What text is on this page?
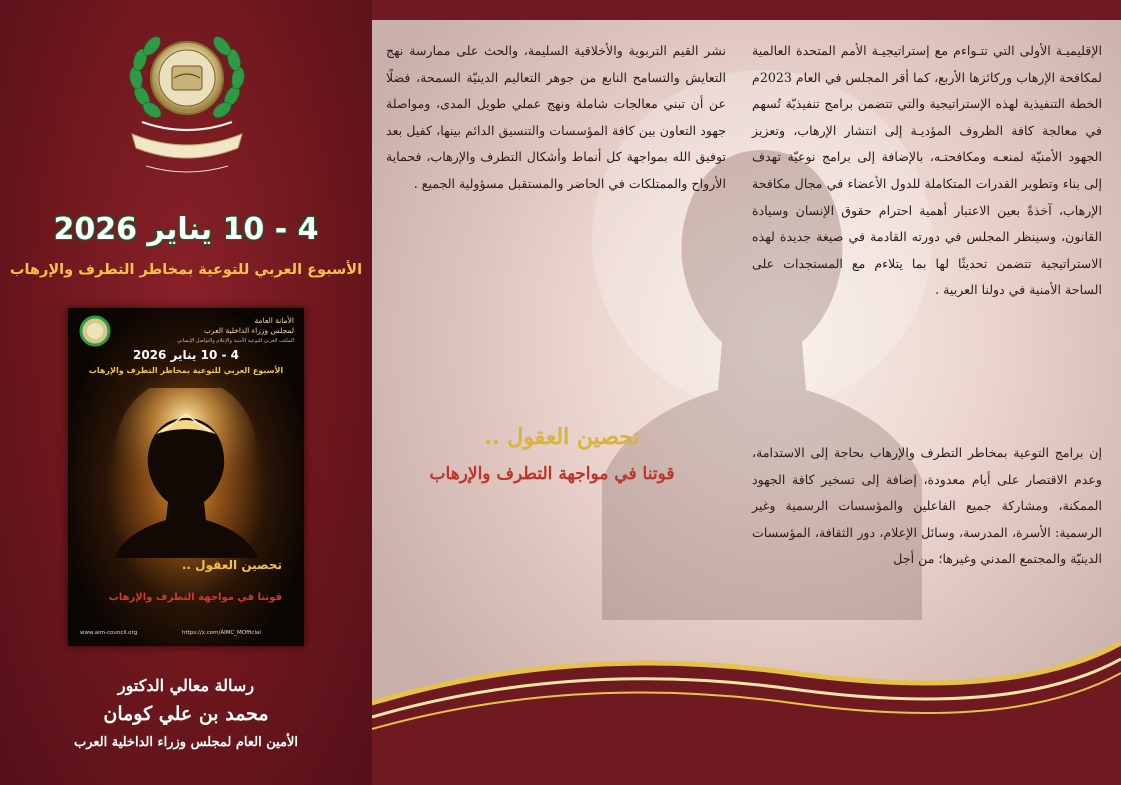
4 - 10 يناير 2026
الأسبوع العربي للتوعية بمخاطر التطرف والإرهاب
الأمانة العامة
لمجلس وزراء الداخلية العرب
المكتب العربي للتوعية الأمنية والإعلام والتواصل الإنساني
4 - 10 يناير 2026
الأسبوع العربي للتوعية بمخاطر التطرف والإرهاب
تحصين العقول ..
قوتنا في مواجهة التطرف والإرهاب
www.aim-council.org	https://x.com/AIMC_MOfficial
رسالة معالي الدكتور
محمد بن علي كومان
الأمين العام لمجلس وزراء الداخلية العرب
الإقليميـة الأولى التي تتـواءم مع إستراتيجيـة الأمم المتحدة العالمية لمكافحة الإرهاب وركائزها الأربع، كما أقر المجلس في العام 2023م الخطة التنفيذية لهذه الإستراتيجية والتي تتضمن برامج تنفيذيّة تُسهم في معالجة كافة الظروف المؤديـة إلى انتشار الإرهاب، وتعزيز الجهود الأمنيّة لمنعـه ومكافحتـه، بالإضافة إلى برامج نوعيّة تهدف إلى بناء وتطوير القدرات المتكاملة للدول الأعضاء في مجال مكافحة الإرهاب، آخذةً بعين الاعتبار أهمية احترام حقوق الإنسان وسيادة القانون، وسينظر المجلس في دورته القادمة في صيغة جديدة لهذه الاستراتيجية تتضمن تحديثًا لها بما يتلاءم مع المستجدات على الساحة الأمنية في دولنا العربية .
نشر القيم التربوية والأخلاقية السليمة، والحث على ممارسة نهج التعايش والتسامح النابع من جوهر التعاليم الدينيّة السمحة، فضلًا عن أن تبني معالجات شاملة ونهج عملي طويل المدى، ومواصلة جهود التعاون بين كافة المؤسسات والتنسيق الدائم بينها، كفيل بعد توفيق الله بمواجهة كل أنماط وأشكال التطرف والإرهاب، فحماية الأرواح والممتلكات في الحاضر والمستقبل مسؤولية الجميع .
تحصين العقول ..
قوتنا في مواجهة التطرف والإرهاب
إن برامج التوعية بمخاطر التطرف والإرهاب بحاجة إلى الاستدامة، وعدم الاقتصار على أيام معدودة، إضافة إلى تسخير كافة الجهود الممكنة، ومشاركة جميع الفاعلين والمؤسسات الرسمية وغير الرسمية: الأسرة، المدرسة، وسائل الإعلام، دور الثقافة، المؤسسات الدينيّة والمجتمع المدني وغيرها؛ من أجل
